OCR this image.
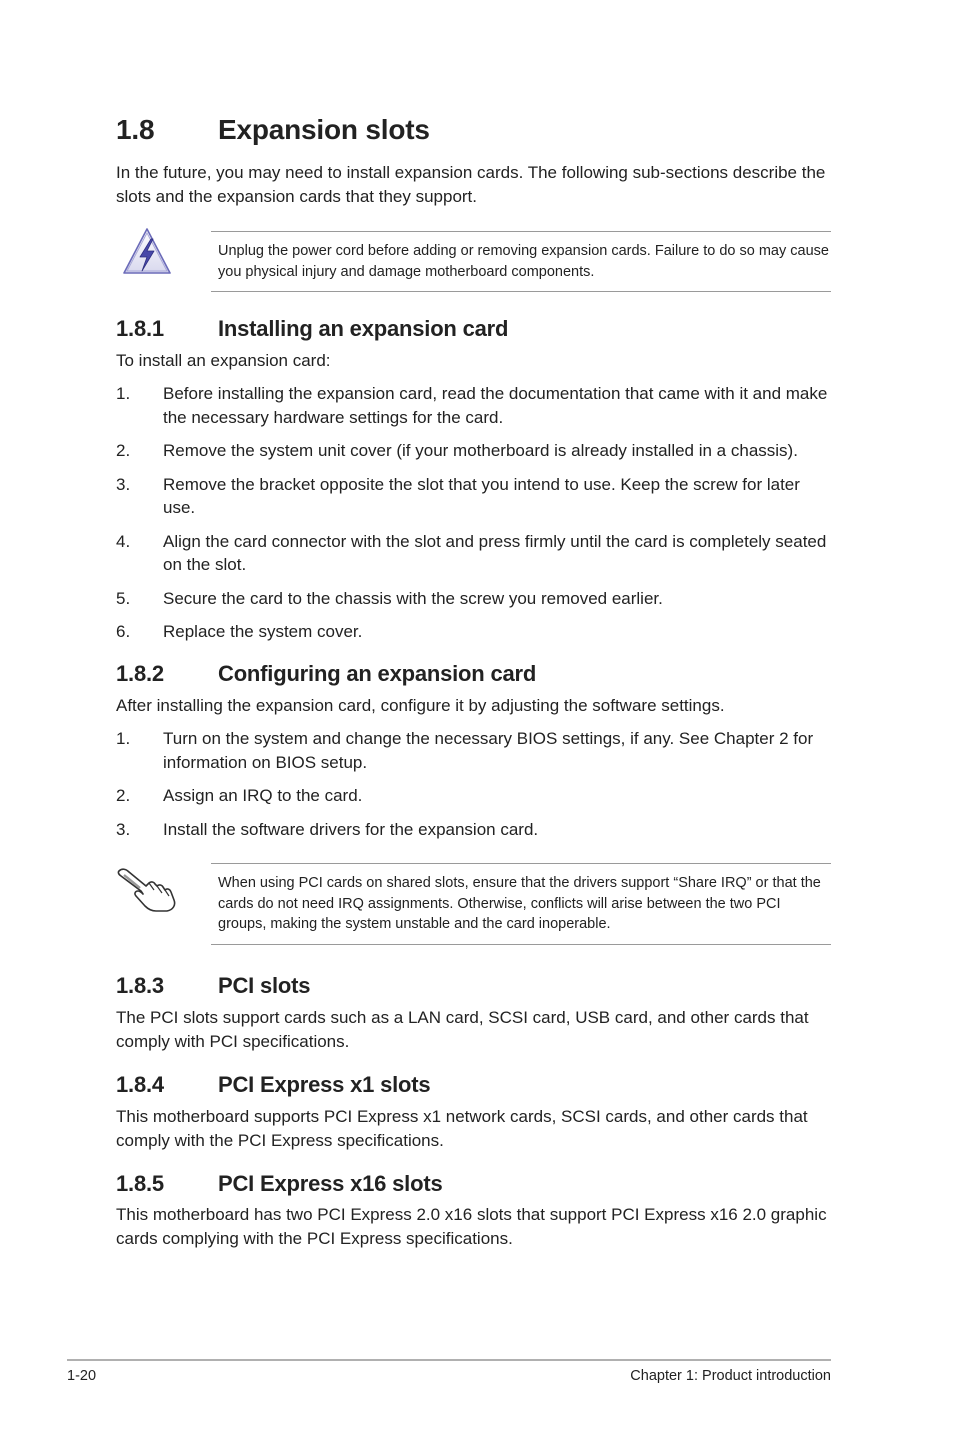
1.8 Expansion slots

In the future, you may need to install expansion cards. The following sub-sections describe the slots and the expansion cards that they support.

Unplug the power cord before adding or removing expansion cards. Failure to do so may cause you physical injury and damage motherboard components.
1.8.1 Installing an expansion card

To install an expansion card:

1.	Before installing the expansion card, read the documentation that came with it and make the necessary hardware settings for the card.
2.	Remove the system unit cover (if your motherboard is already installed in a chassis).
3.	Remove the bracket opposite the slot that you intend to use. Keep the screw for later use.
4.	Align the card connector with the slot and press firmly until the card is completely seated on the slot.
5.	Secure the card to the chassis with the screw you removed earlier.
6.	Replace the system cover.
1.8.2 Configuring an expansion card

After installing the expansion card, configure it by adjusting the software settings.

1.	Turn on the system and change the necessary BIOS settings, if any. See Chapter 2 for information on BIOS setup.
2.	Assign an IRQ to the card.
3.	Install the software drivers for the expansion card.
When using PCI cards on shared slots, ensure that the drivers support “Share IRQ” or that the cards do not need IRQ assignments. Otherwise, conflicts will arise between the two PCI groups, making the system unstable and the card inoperable.
1.8.3 PCI slots

The PCI slots support cards such as a LAN card, SCSI card, USB card, and other cards that comply with PCI specifications.

1.8.4 PCI Express x1 slots

This motherboard supports PCI Express x1 network cards, SCSI cards, and other cards that comply with the PCI Express specifications.

1.8.5 PCI Express x16 slots

This motherboard has two PCI Express 2.0 x16 slots that support PCI Express x16 2.0 graphic cards complying with the PCI Express specifications.

1-20	Chapter 1: Product introduction
